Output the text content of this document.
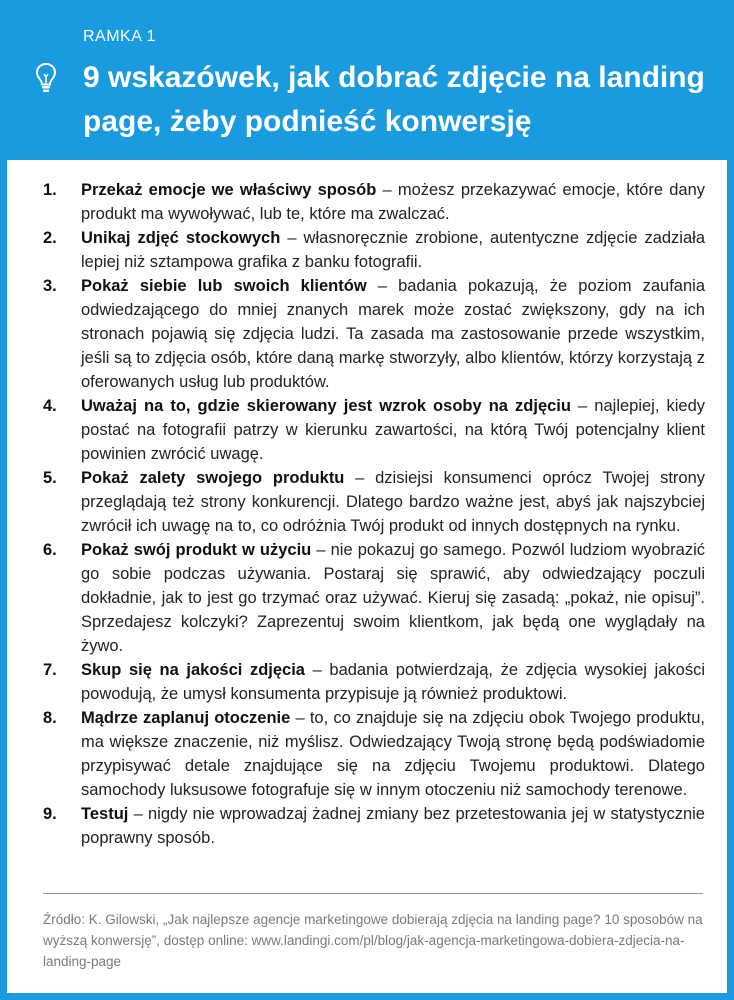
RAMKA 1
9 wskazówek, jak dobrać zdjęcie na landing page, żeby podnieść konwersję
1. Przekaż emocje we właściwy sposób – możesz przekazywać emocje, które dany produkt ma wywoływać, lub te, które ma zwalczać.
2. Unikaj zdjęć stockowych – własnoręcznie zrobione, autentyczne zdjęcie zadziała lepiej niż sztampowa grafika z banku fotografii.
3. Pokaż siebie lub swoich klientów – badania pokazują, że poziom zaufania odwiedzającego do mniej znanych marek może zostać zwiększony, gdy na ich stronach pojawią się zdjęcia ludzi. Ta zasada ma zastosowanie przede wszystkim, jeśli są to zdjęcia osób, które daną markę stworzyły, albo klientów, którzy korzystają z oferowanych usług lub produktów.
4. Uważaj na to, gdzie skierowany jest wzrok osoby na zdjęciu – najlepiej, kiedy postać na fotografii patrzy w kierunku zawartości, na którą Twój potencjalny klient powinien zwrócić uwagę.
5. Pokaż zalety swojego produktu – dzisiejsi konsumenci oprócz Twojej strony przeglądają też strony konkurencji. Dlatego bardzo ważne jest, abyś jak najszybciej zwrócił ich uwagę na to, co odróżnia Twój produkt od innych dostępnych na rynku.
6. Pokaż swój produkt w użyciu – nie pokazuj go samego. Pozwól ludziom wyobrazić go sobie podczas używania. Postaraj się sprawić, aby odwiedzający poczuli dokładnie, jak to jest go trzymać oraz używać. Kieruj się zasadą: „pokaż, nie opisuj”. Sprzedajesz kolczyki? Zaprezentuj swoim klientkom, jak będą one wyglądały na żywo.
7. Skup się na jakości zdjęcia – badania potwierdzają, że zdjęcia wysokiej jakości powodują, że umysł konsumenta przypisuje ją również produktowi.
8. Mądrze zaplanuj otoczenie – to, co znajduje się na zdjęciu obok Twojego produktu, ma większe znaczenie, niż myślisz. Odwiedzający Twoją stronę będą podświadomie przypisywać detale znajdujące się na zdjęciu Twojemu produktowi. Dlatego samochody luksusowe fotografuje się w innym otoczeniu niż samochody terenowe.
9. Testuj – nigdy nie wprowadzaj żadnej zmiany bez przetestowania jej w statystycznie poprawny sposób.
Źródło: K. Gilowski, „Jak najlepsze agencje marketingowe dobierają zdjęcia na landing page? 10 sposobów na wyższą konwersję”, dostęp online: www.landingi.com/pl/blog/jak-agencja-marketingowa-dobiera-zdjecia-na-landing-page
